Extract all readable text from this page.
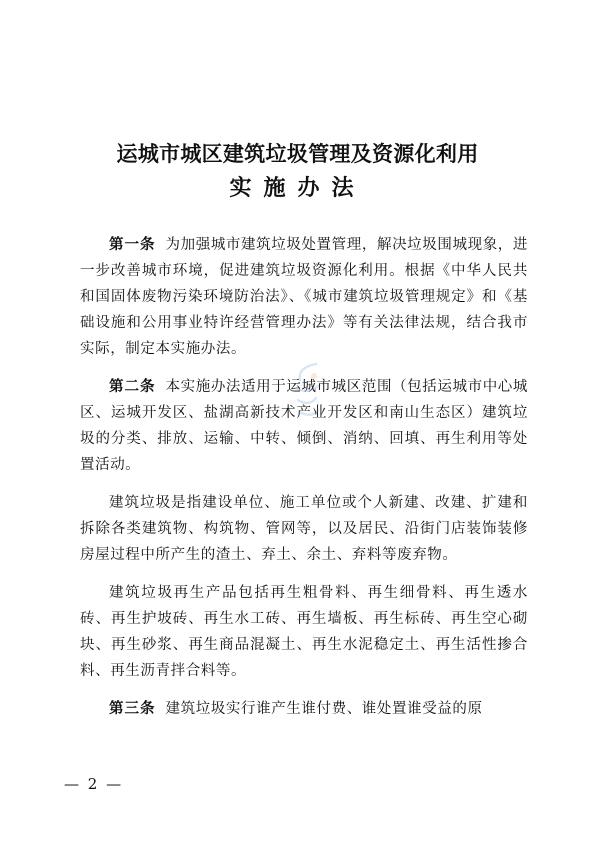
运城市城区建筑垃圾管理及资源化利用
实施办法

第一条 为加强城市建筑垃圾处置管理，解决垃圾围城现象，进一步改善城市环境，促进建筑垃圾资源化利用。根据《中华人民共和国固体废物污染环境防治法》、《城市建筑垃圾管理规定》和《基础设施和公用事业特许经营管理办法》等有关法律法规，结合我市实际，制定本实施办法。

第二条 本实施办法适用于运城市城区范围（包括运城市中心城区、运城开发区、盐湖高新技术产业开发区和南山生态区）建筑垃圾的分类、排放、运输、中转、倾倒、消纳、回填、再生利用等处置活动。

建筑垃圾是指建设单位、施工单位或个人新建、改建、扩建和拆除各类建筑物、构筑物、管网等，以及居民、沿街门店装饰装修房屋过程中所产生的渣土、弃土、余土、弃料等废弃物。

建筑垃圾再生产品包括再生粗骨料、再生细骨料、再生透水砖、再生护坡砖、再生水工砖、再生墙板、再生标砖、再生空心砌块、再生砂浆、再生商品混凝土、再生水泥稳定土、再生活性掺合料、再生沥青拌合料等。

第三条 建筑垃圾实行谁产生谁付费、谁处置谁受益的原

— 2 —
